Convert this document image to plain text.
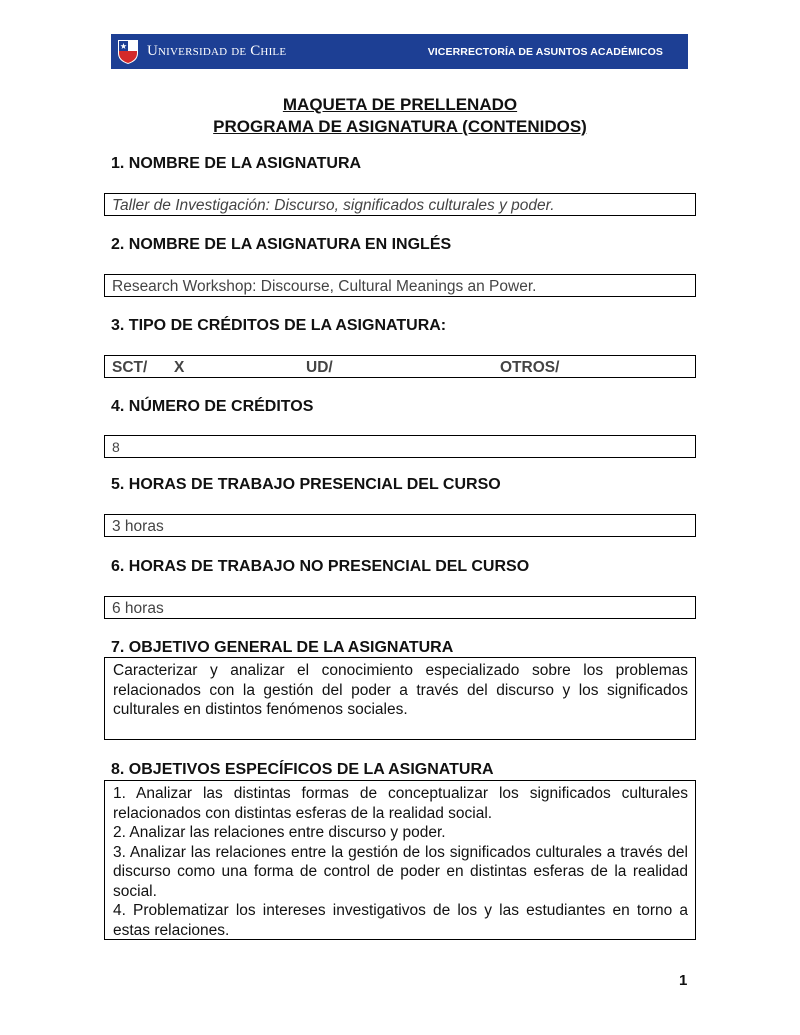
Universidad de Chile	VICERRECTORÍA DE ASUNTOS ACADÉMICOS
MAQUETA DE PRELLENADO
PROGRAMA DE ASIGNATURA (CONTENIDOS)
1. NOMBRE DE LA ASIGNATURA
Taller de Investigación: Discurso, significados culturales y poder.
2. NOMBRE DE LA ASIGNATURA EN INGLÉS
Research Workshop: Discourse, Cultural Meanings an Power.
3. TIPO DE CRÉDITOS DE LA ASIGNATURA:
SCT/ X	UD/	OTROS/
4. NÚMERO DE CRÉDITOS
8
5. HORAS DE TRABAJO PRESENCIAL DEL CURSO
3 horas
6. HORAS DE TRABAJO NO PRESENCIAL DEL CURSO
6 horas
7. OBJETIVO GENERAL DE LA ASIGNATURA

Caracterizar y analizar el conocimiento especializado sobre los problemas relacionados con la gestión del poder a través del discurso y los significados culturales en distintos fenómenos sociales.

8. OBJETIVOS ESPECÍFICOS DE LA ASIGNATURA

1. Analizar las distintas formas de conceptualizar los significados culturales relacionados con distintas esferas de la realidad social.

2. Analizar las relaciones entre discurso y poder.

3. Analizar las relaciones entre la gestión de los significados culturales a través del discurso como una forma de control de poder en distintas esferas de la realidad social.

4. Problematizar los intereses investigativos de los y las estudiantes en torno a estas relaciones.

1
